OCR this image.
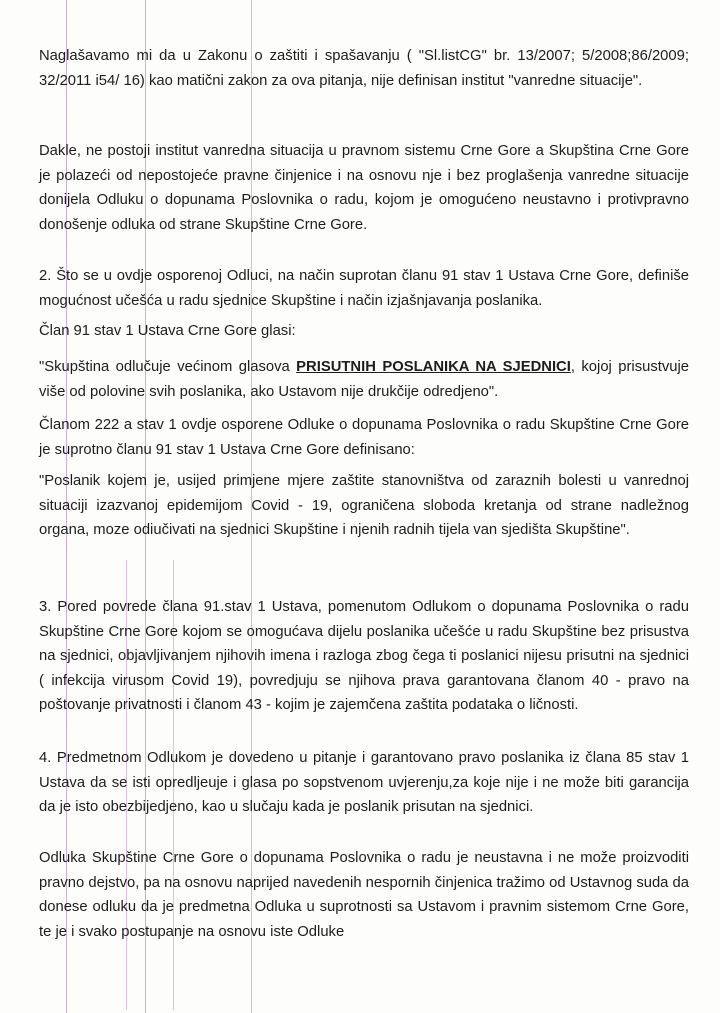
Naglašavamo mi da u Zakonu o zaštiti i spašavanju ( "Sl.listCG" br. 13/2007; 5/2008;86/2009; 32/2011 i54/ 16) kao matični zakon za ova pitanja, nije definisan institut "vanredne situacije".

Dakle, ne postoji institut vanredna situacija u pravnom sistemu Crne Gore a Skupština Crne Gore je polazeći od nepostojeće pravne činjenice i na osnovu nje i bez proglašenja vanredne situacije donijela Odluku o dopunama Poslovnika o radu, kojom je omogućeno neustavno i protivpravno donošenje odluka od strane Skupštine Crne Gore.

2. Što se u ovdje osporenoj Odluci, na način suprotan članu 91 stav 1 Ustava Crne Gore, definiše mogućnost učešća u radu sjednice Skupštine i način izjašnjavanja poslanika.

Član 91 stav 1 Ustava Crne Gore glasi:

"Skupština odlučuje većinom glasova PRISUTNIH POSLANIKA NA SJEDNICI, kojoj prisustvuje više od polovine svih poslanika, ako Ustavom nije drukčije odredjeno".

Članom 222 a stav 1 ovdje osporene Odluke o dopunama Poslovnika o radu Skupštine Crne Gore je suprotno članu 91 stav 1 Ustava Crne Gore definisano:

"Poslanik kojem je, usijed primjene mjere zaštite stanovništva od zaraznih bolesti u vanrednoj situaciji izazvanoj epidemijom Covid - 19, ograničena sloboda kretanja od strane nadležnog organa, moze odiučivati na sjednici Skupštine i njenih radnih tijela van sjedišta Skupštine".

3. Pored povrede člana 91.stav 1 Ustava, pomenutom Odlukom o dopunama Poslovnika o radu Skupštine Crne Gore kojom se omogućava dijelu poslanika učešće u radu Skupštine bez prisustva na sjednici, objavljivanjem njihovih imena i razloga zbog čega ti poslanici nijesu prisutni na sjednici ( infekcija virusom Covid 19), povredjuju se njihova prava garantovana članom 40 - pravo na poštovanje privatnosti i članom 43 - kojim je zajemčena zaštita podataka o ličnosti.

4. Predmetnom Odlukom je dovedeno u pitanje i garantovano pravo poslanika iz člana 85 stav 1 Ustava da se isti opredljeuje i glasa po sopstvenom uvjerenju,za koje nije i ne može biti garancija da je isto obezbijedjeno, kao u slučaju kada je poslanik prisutan na sjednici.

Odluka Skupštine Crne Gore o dopunama Poslovnika o radu je neustavna i ne može proizvoditi pravno dejstvo, pa na osnovu naprijed navedenih nespornih činjenica tražimo od Ustavnog suda da donese odluku da je predmetna Odluka u suprotnosti sa Ustavom i pravnim sistemom Crne Gore, te je i svako postupanje na osnovu iste Odluke
